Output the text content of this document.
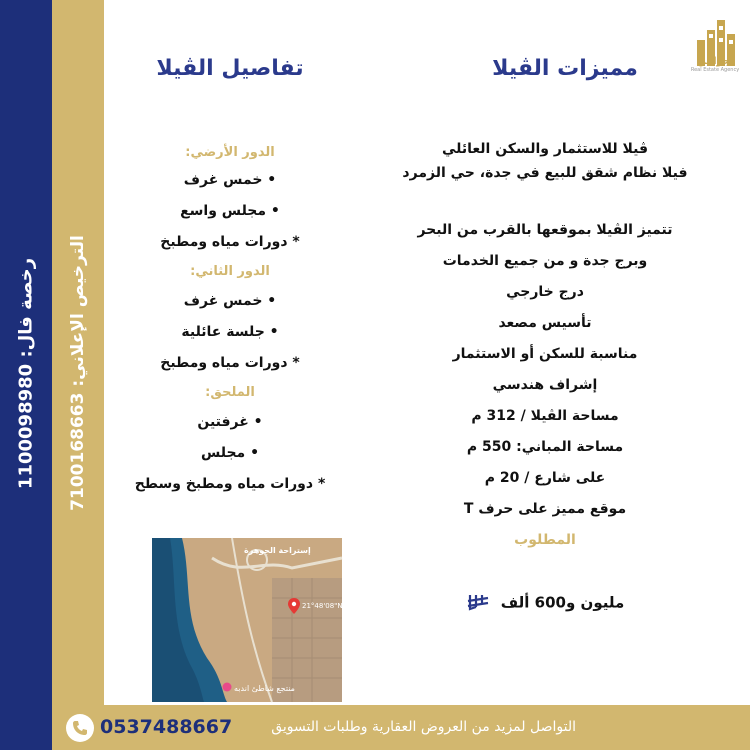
رخصة فال: 1100098980
الترخيص الإعلاني: 7100168663
جواهر
Real Estate Agency
مميزات الڤيلا
تفاصيل الڤيلا
ڤيلا للاستثمار والسكن العائلي
فيلا نظام شقق للبيع في جدة، حي الزمرد
تتميز الڤيلا بموقعها بالقرب من البحر
وبرج جدة و من جميع الخدمات
درج خارجي
تأسيس مصعد
مناسبة للسكن أو الاستثمار
إشراف هندسي
مساحة الڤيلا / 312 م
مساحة المباني: 550 م
على شارع / 20 م
موقع مميز على حرف T
المطلوب
مليون و600 ألف
الدور الأرضي:
• خمس غرف
• مجلس واسع
* دورات مياه ومطبخ
الدور الثاني:
• خمس غرف
• جلسة عائلية
* دورات مياه ومطبخ
الملحق:
• غرفتين
• مجلس
* دورات مياه ومطبخ وسطح
إستراحة الجوهرة
21°48'08"N 39°...
منتجع شاطئ اندبه
0537488667	التواصل لمزيد من العروض العقارية وطلبات التسويق
